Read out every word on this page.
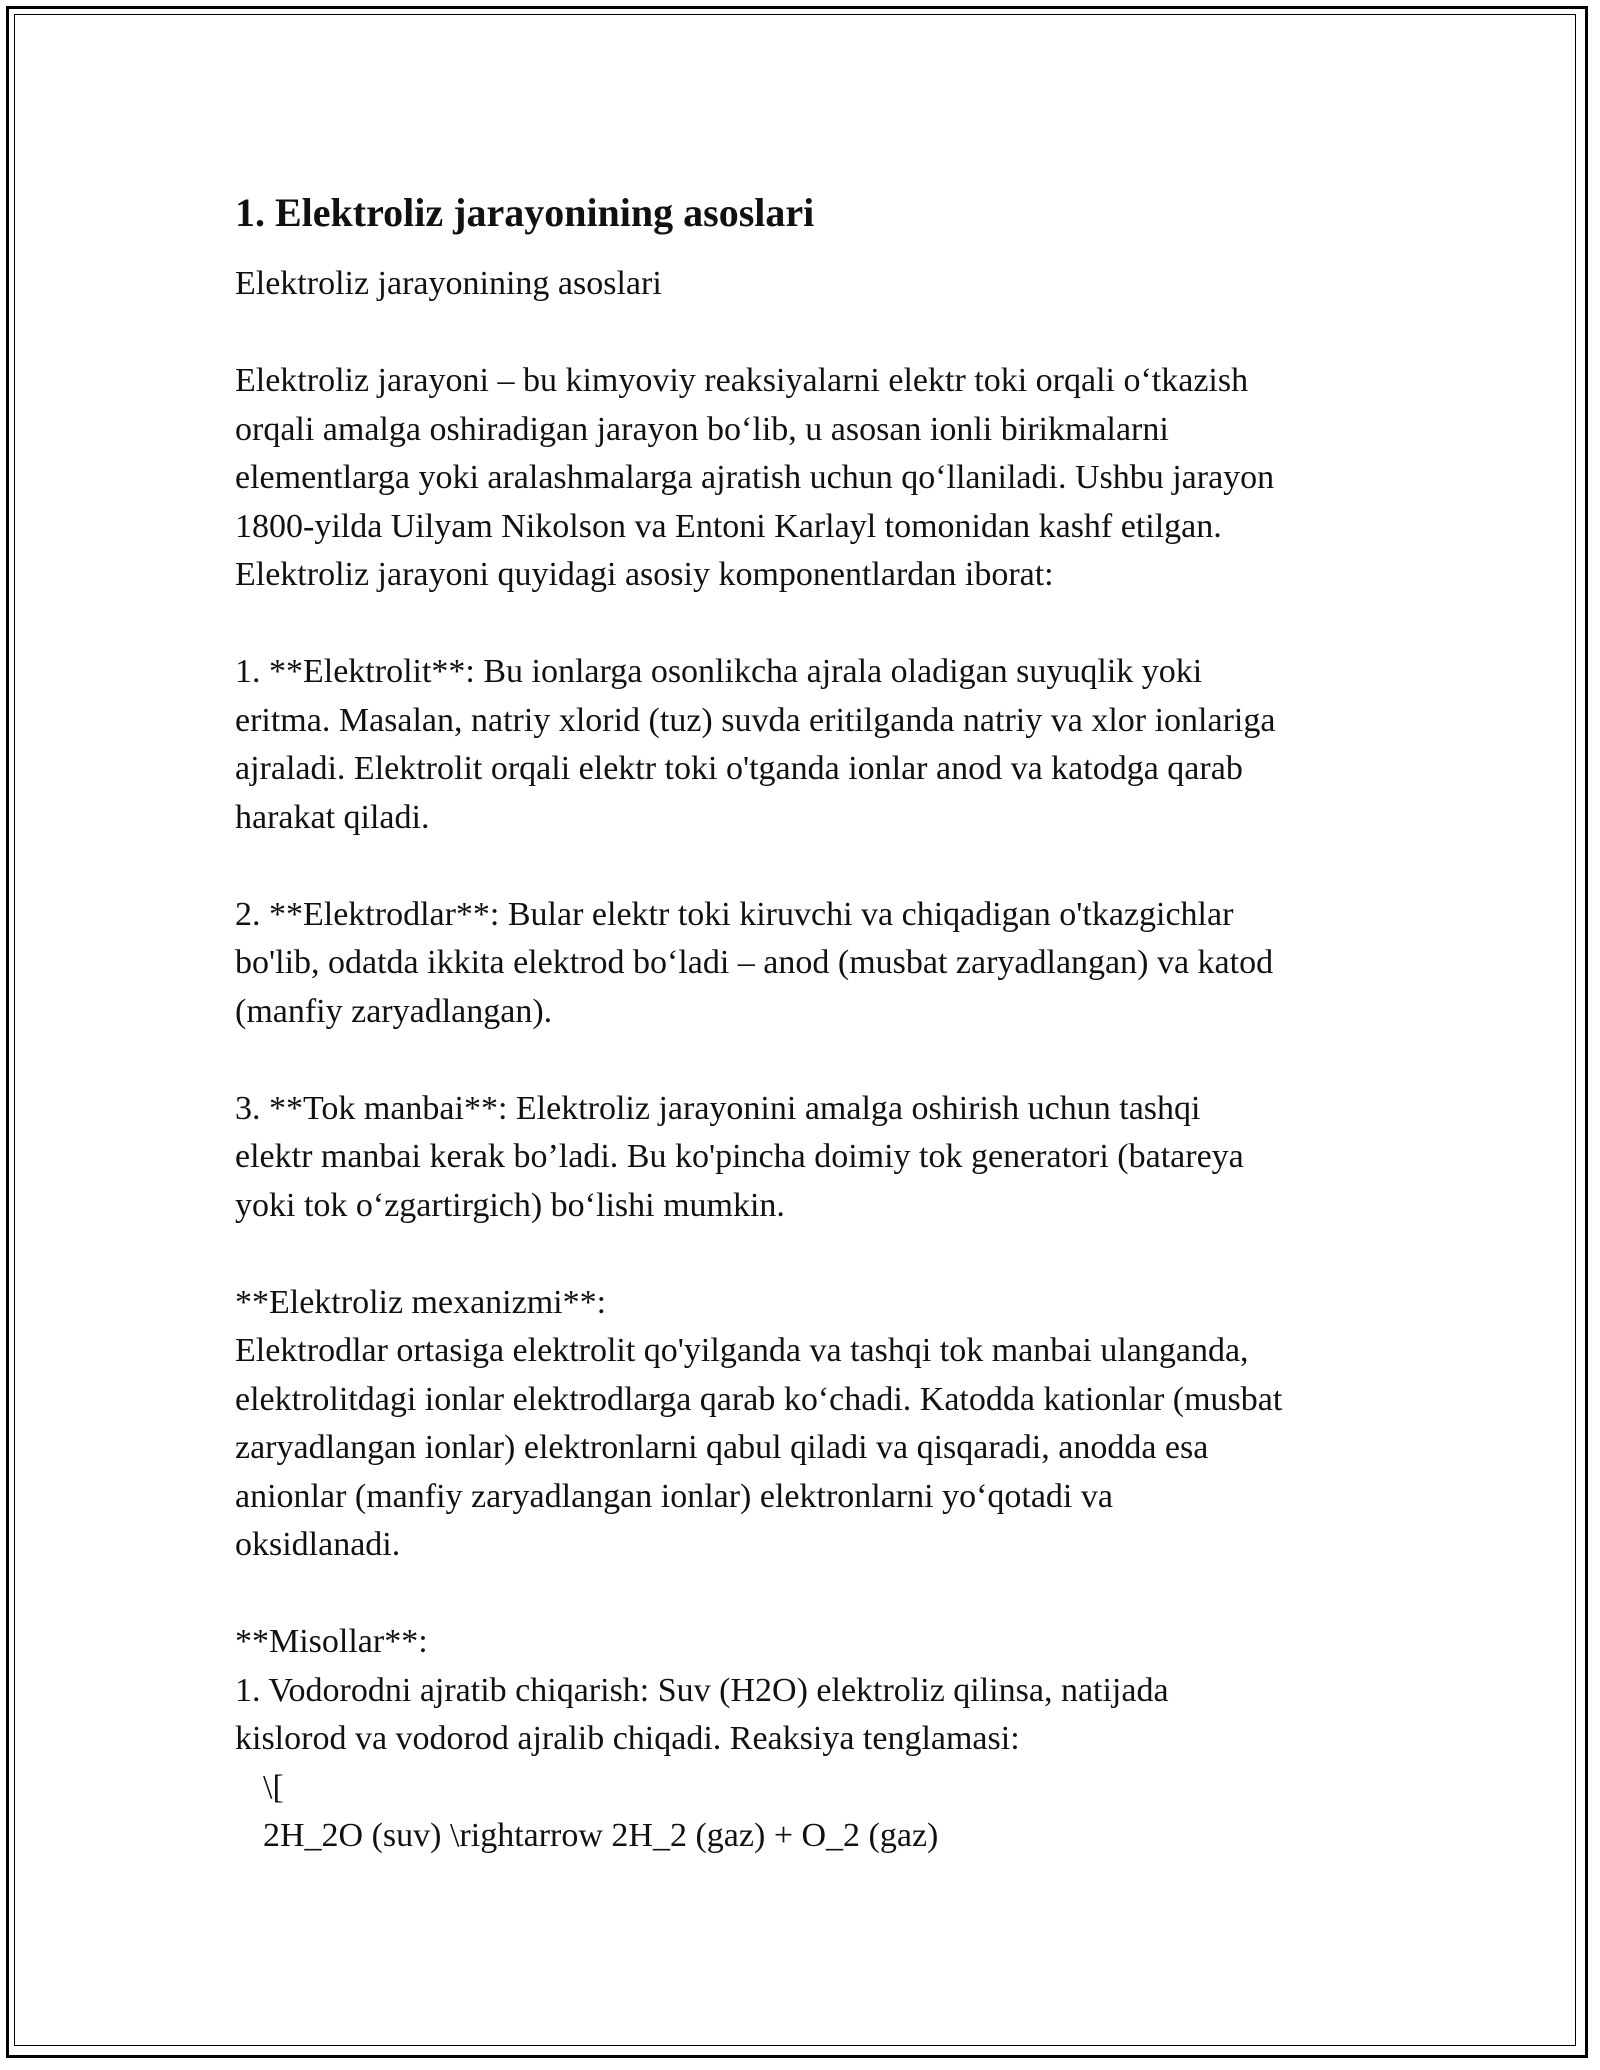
1. Elektroliz jarayonining asoslari
Elektroliz jarayonining asoslari
Elektroliz jarayoni – bu kimyoviy reaksiyalarni elektr toki orqali o‘tkazish
orqali amalga oshiradigan jarayon bo‘lib, u asosan ionli birikmalarni
elementlarga yoki aralashmalarga ajratish uchun qo‘llaniladi. Ushbu jarayon
1800-yilda Uilyam Nikolson va Entoni Karlayl tomonidan kashf etilgan.
Elektroliz jarayoni quyidagi asosiy komponentlardan iborat:
1. **Elektrolit**: Bu ionlarga osonlikcha ajrala oladigan suyuqlik yoki
eritma. Masalan, natriy xlorid (tuz) suvda eritilganda natriy va xlor ionlariga
ajraladi. Elektrolit orqali elektr toki o'tganda ionlar anod va katodga qarab
harakat qiladi.
2. **Elektrodlar**: Bular elektr toki kiruvchi va chiqadigan o'tkazgichlar
bo'lib, odatda ikkita elektrod bo‘ladi – anod (musbat zaryadlangan) va katod
(manfiy zaryadlangan).
3. **Tok manbai**: Elektroliz jarayonini amalga oshirish uchun tashqi
elektr manbai kerak bo’ladi. Bu ko'pincha doimiy tok generatori (batareya
yoki tok o‘zgartirgich) bo‘lishi mumkin.
**Elektroliz mexanizmi**:
Elektrodlar ortasiga elektrolit qo'yilganda va tashqi tok manbai ulanganda,
elektrolitdagi ionlar elektrodlarga qarab ko‘chadi. Katodda kationlar (musbat
zaryadlangan ionlar) elektronlarni qabul qiladi va qisqaradi, anodda esa
anionlar (manfiy zaryadlangan ionlar) elektronlarni yo‘qotadi va
oksidlanadi.
**Misollar**:
1. Vodorodni ajratib chiqarish: Suv (H2O) elektroliz qilinsa, natijada
kislorod va vodorod ajralib chiqadi. Reaksiya tenglamasi:
\[
2H_2O (suv) \rightarrow 2H_2 (gaz) + O_2 (gaz)
